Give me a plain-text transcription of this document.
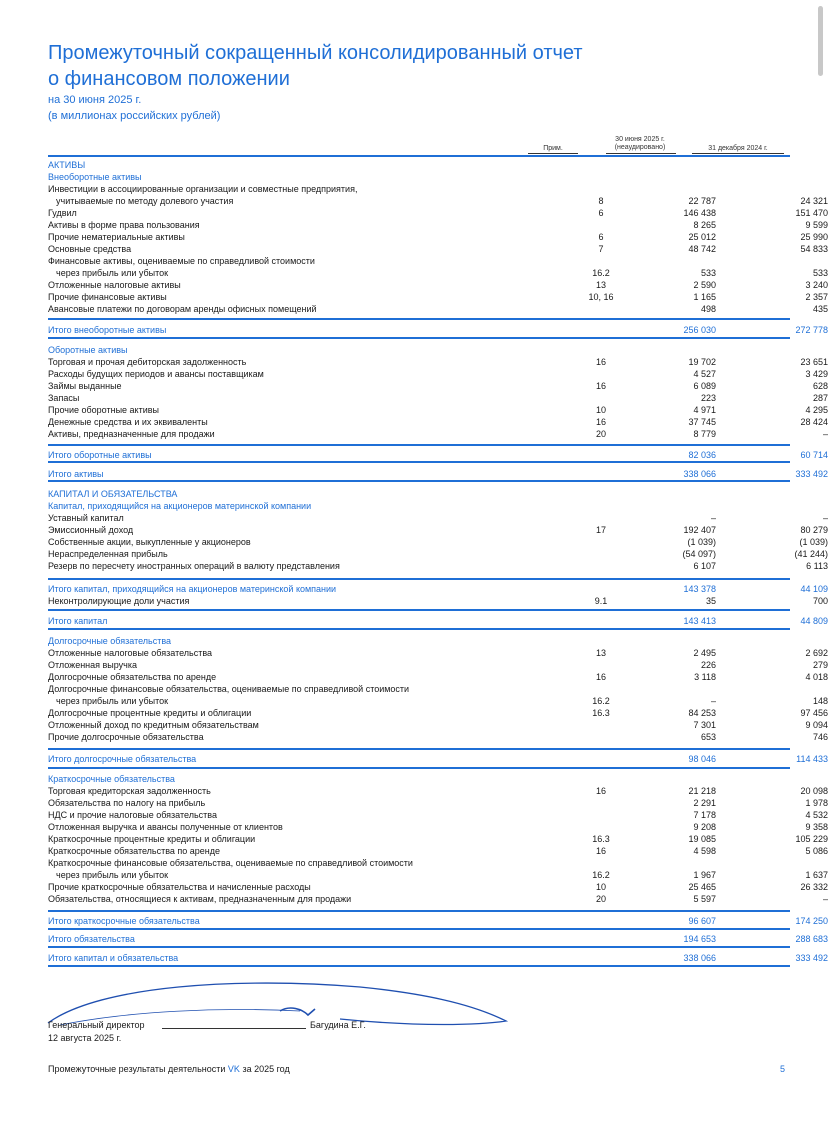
Промежуточный сокращенный консолидированный отчет
о финансовом положении
на 30 июня 2025 г.
(в миллионах российских рублей)
Прим.
30 июня 2025 г.
(неаудировано)	31 декабря 2024 г.
АКТИВЫ
Внеоборотные активы
Инвестиции в ассоциированные организации и совместные предприятия,
учитываемые по методу долевого участия	8	22 787	24 321
Гудвил	6	146 438	151 470
Активы в форме права пользования	8 265	9 599
Прочие нематериальные активы	6	25 012	25 990
Основные средства	7	48 742	54 833
Финансовые активы, оцениваемые по справедливой стоимости
через прибыль или убыток	16.2	533	533
Отложенные налоговые активы	13	2 590	3 240
Прочие финансовые активы	10, 16	1 165	2 357
Авансовые платежи по договорам аренды офисных помещений	498	435
Итого внеоборотные активы	256 030	272 778
Оборотные активы
Торговая и прочая дебиторская задолженность	16	19 702	23 651
Расходы будущих периодов и авансы поставщикам	4 527	3 429
Займы выданные	16	6 089	628
Запасы	223	287
Прочие оборотные активы	10	4 971	4 295
Денежные средства и их эквиваленты	16	37 745	28 424
Активы, предназначенные для продажи	20	8 779	–
Итого оборотные активы	82 036	60 714
Итого активы	338 066	333 492
КАПИТАЛ И ОБЯЗАТЕЛЬСТВА
Капитал, приходящийся на акционеров материнской компании
Уставный капитал	–	–
Эмиссионный доход	17	192 407	80 279
Собственные акции, выкупленные у акционеров	(1 039)	(1 039)
Нераспределенная прибыль	(54 097)	(41 244)
Резерв по пересчету иностранных операций в валюту представления	6 107	6 113
Итого капитал, приходящийся на акционеров материнской компании	143 378	44 109
Неконтролирующие доли участия	9.1	35	700
Итого капитал	143 413	44 809
Долгосрочные обязательства
Отложенные налоговые обязательства	13	2 495	2 692
Отложенная выручка	226	279
Долгосрочные обязательства по аренде	16	3 118	4 018
Долгосрочные финансовые обязательства, оцениваемые по справедливой стоимости
через прибыль или убыток	16.2	–	148
Долгосрочные процентные кредиты и облигации	16.3	84 253	97 456
Отложенный доход по кредитным обязательствам	7 301	9 094
Прочие долгосрочные обязательства	653	746
Итого долгосрочные обязательства	98 046	114 433
Краткосрочные обязательства
Торговая кредиторская задолженность	16	21 218	20 098
Обязательства по налогу на прибыль	2 291	1 978
НДС и прочие налоговые обязательства	7 178	4 532
Отложенная выручка и авансы полученные от клиентов	9 208	9 358
Краткосрочные процентные кредиты и облигации	16.3	19 085	105 229
Краткосрочные обязательства по аренде	16	4 598	5 086
Краткосрочные финансовые обязательства, оцениваемые по справедливой стоимости
через прибыль или убыток	16.2	1 967	1 637
Прочие краткосрочные обязательства и начисленные расходы	10	25 465	26 332
Обязательства, относящиеся к активам, предназначенным для продажи	20	5 597	–
Итого краткосрочные обязательства	96 607	174 250
Итого обязательства	194 653	288 683
Итого капитал и обязательства	338 066	333 492
Генеральный директор	Багудина Е.Г.
12 августа 2025 г.
Промежуточные результаты деятельности VK за 2025 год	5
